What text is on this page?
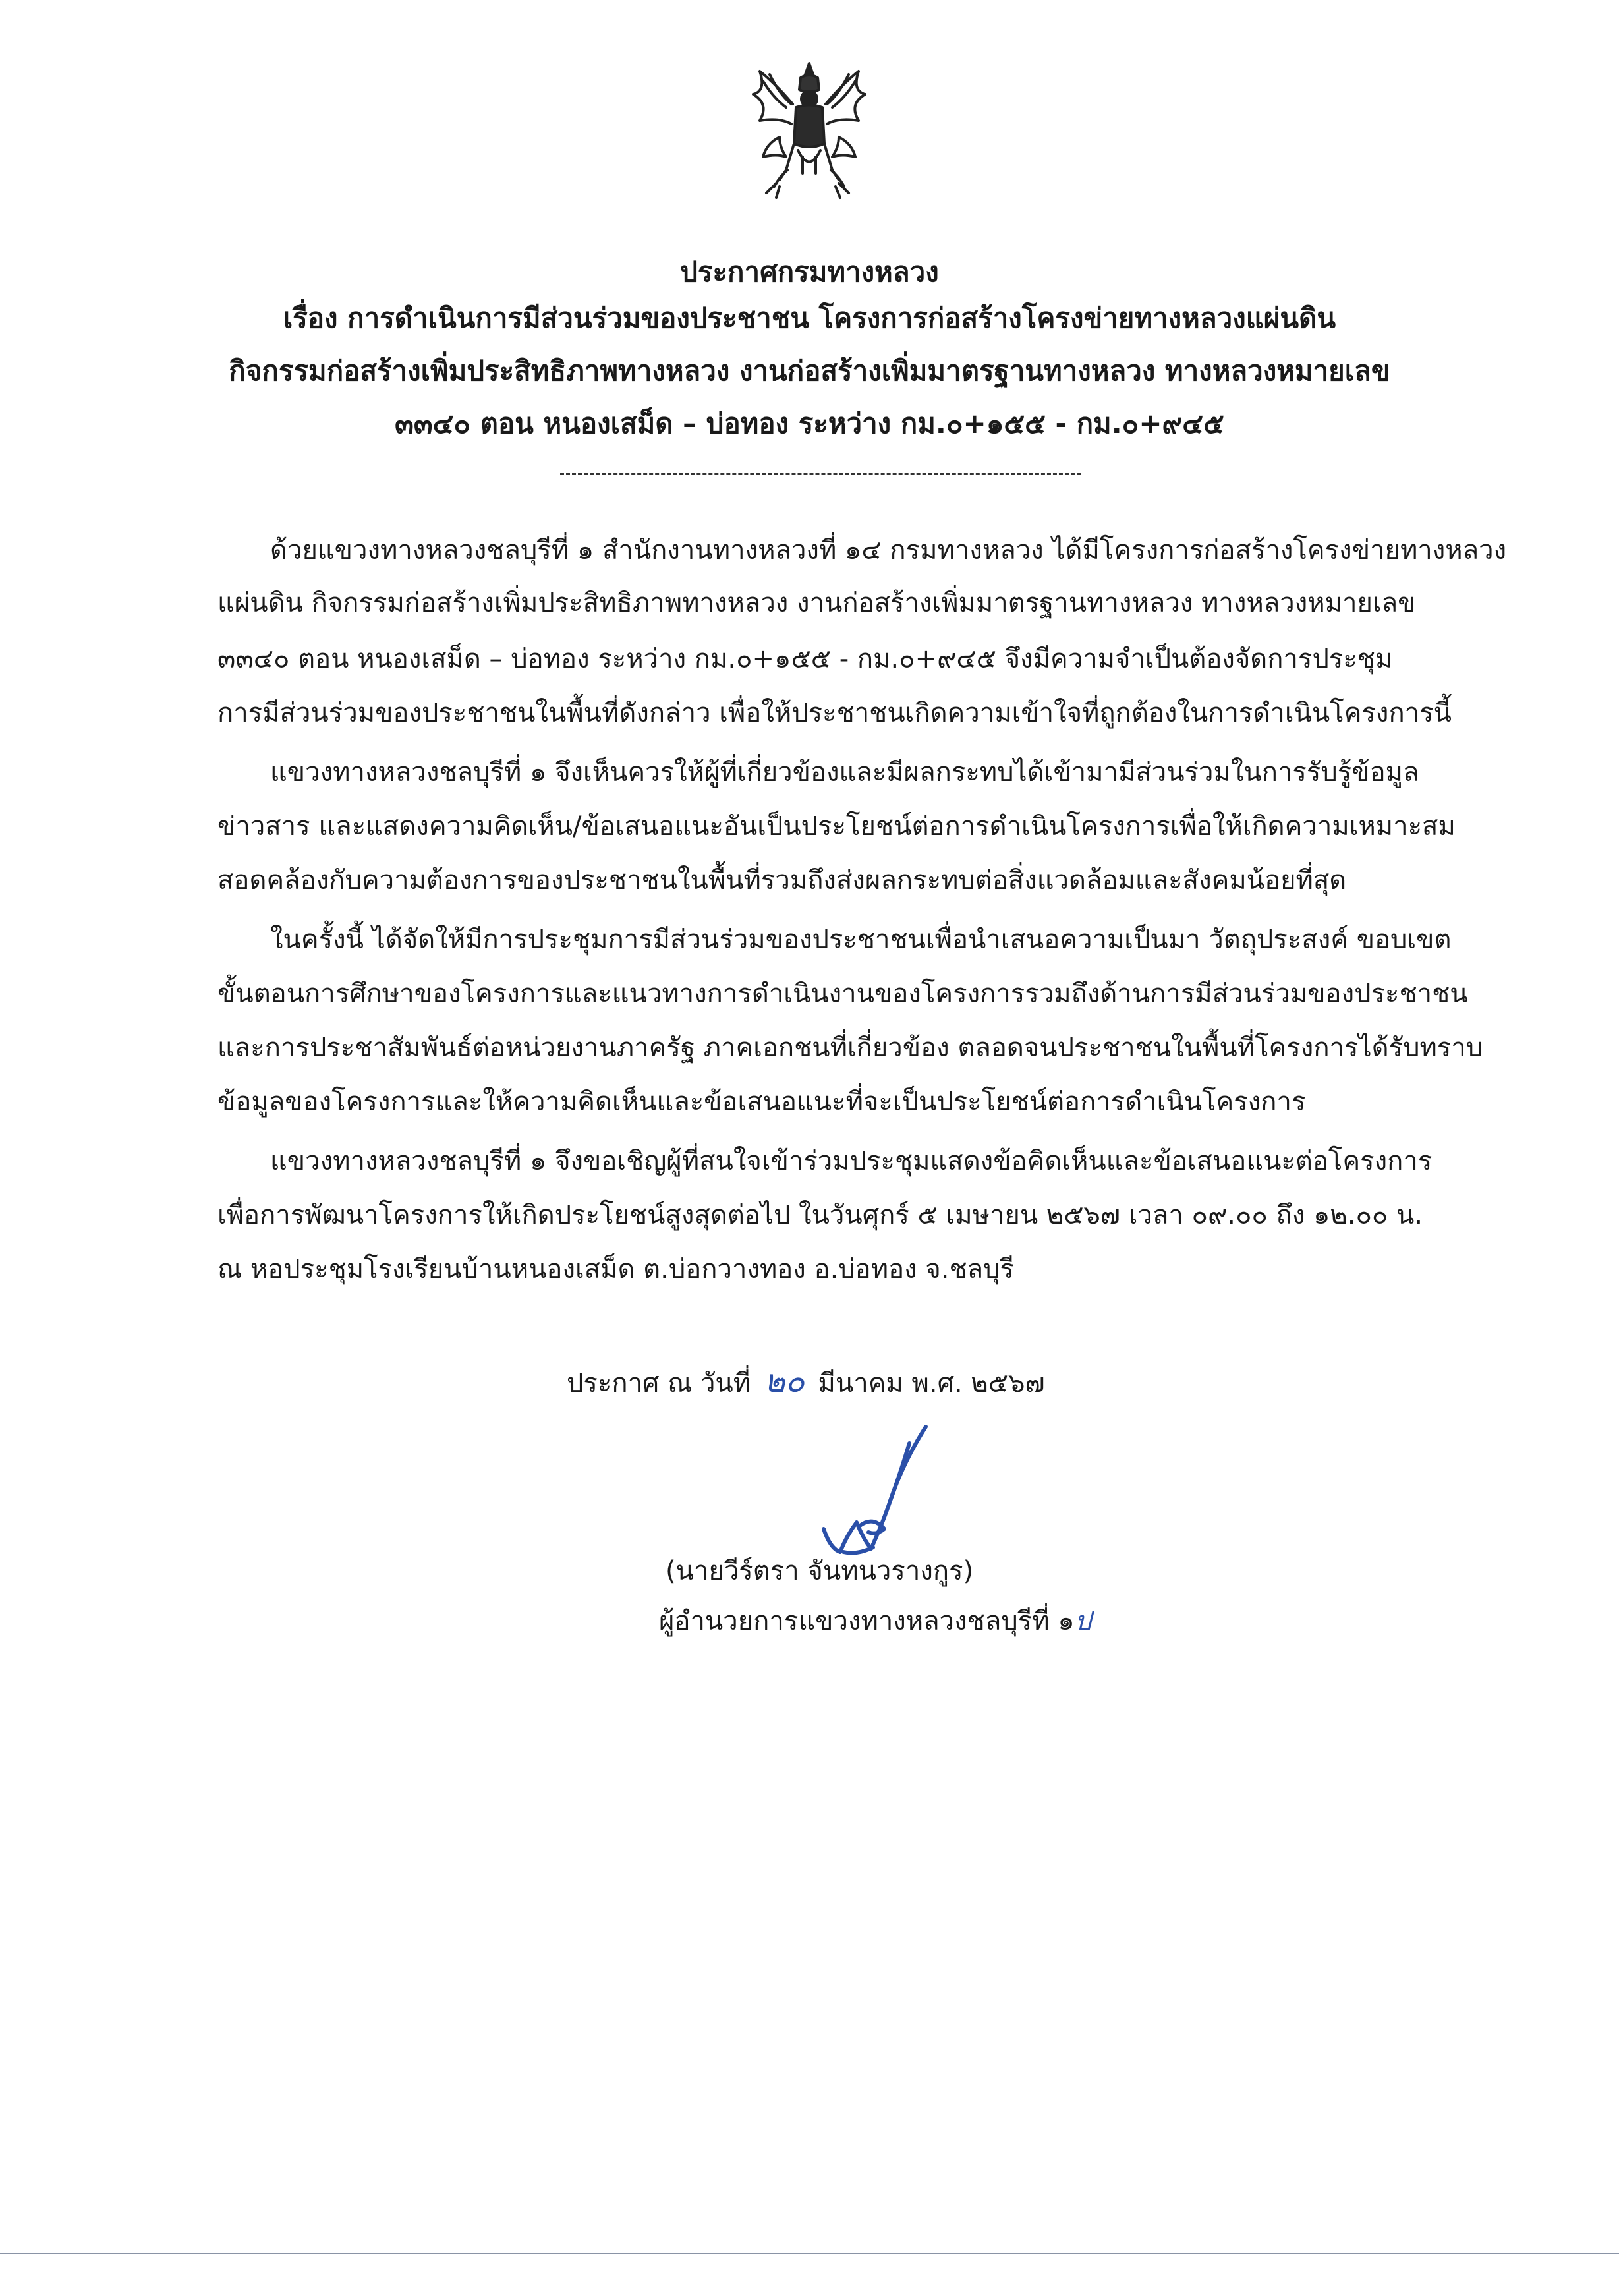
ประกาศกรมทางหลวง
เรื่อง การดำเนินการมีส่วนร่วมของประชาชน โครงการก่อสร้างโครงข่ายทางหลวงแผ่นดิน
กิจกรรมก่อสร้างเพิ่มประสิทธิภาพทางหลวง งานก่อสร้างเพิ่มมาตรฐานทางหลวง ทางหลวงหมายเลข
๓๓๔๐ ตอน หนองเสม็ด – บ่อทอง ระหว่าง กม.๐+๑๕๕ - กม.๐+๙๔๕
ด้วยแขวงทางหลวงชลบุรีที่ ๑ สำนักงานทางหลวงที่ ๑๔ กรมทางหลวง ได้มีโครงการก่อสร้างโครงข่ายทางหลวง
แผ่นดิน กิจกรรมก่อสร้างเพิ่มประสิทธิภาพทางหลวง งานก่อสร้างเพิ่มมาตรฐานทางหลวง ทางหลวงหมายเลข
๓๓๔๐ ตอน หนองเสม็ด – บ่อทอง ระหว่าง กม.๐+๑๕๕ - กม.๐+๙๔๕ จึงมีความจำเป็นต้องจัดการประชุม
การมีส่วนร่วมของประชาชนในพื้นที่ดังกล่าว เพื่อให้ประชาชนเกิดความเข้าใจที่ถูกต้องในการดำเนินโครงการนี้
แขวงทางหลวงชลบุรีที่ ๑ จึงเห็นควรให้ผู้ที่เกี่ยวข้องและมีผลกระทบได้เข้ามามีส่วนร่วมในการรับรู้ข้อมูล
ข่าวสาร และแสดงความคิดเห็น/ข้อเสนอแนะอันเป็นประโยชน์ต่อการดำเนินโครงการเพื่อให้เกิดความเหมาะสม
สอดคล้องกับความต้องการของประชาชนในพื้นที่รวมถึงส่งผลกระทบต่อสิ่งแวดล้อมและสังคมน้อยที่สุด
ในครั้งนี้ ได้จัดให้มีการประชุมการมีส่วนร่วมของประชาชนเพื่อนำเสนอความเป็นมา วัตถุประสงค์ ขอบเขต
ขั้นตอนการศึกษาของโครงการและแนวทางการดำเนินงานของโครงการรวมถึงด้านการมีส่วนร่วมของประชาชน
และการประชาสัมพันธ์ต่อหน่วยงานภาครัฐ ภาคเอกชนที่เกี่ยวข้อง ตลอดจนประชาชนในพื้นที่โครงการได้รับทราบ
ข้อมูลของโครงการและให้ความคิดเห็นและข้อเสนอแนะที่จะเป็นประโยชน์ต่อการดำเนินโครงการ
แขวงทางหลวงชลบุรีที่ ๑ จึงขอเชิญผู้ที่สนใจเข้าร่วมประชุมแสดงข้อคิดเห็นและข้อเสนอแนะต่อโครงการ
เพื่อการพัฒนาโครงการให้เกิดประโยชน์สูงสุดต่อไป ในวันศุกร์ ๕ เมษายน ๒๕๖๗ เวลา ๐๙.๐๐ ถึง ๑๒.๐๐ น.
ณ หอประชุมโรงเรียนบ้านหนองเสม็ด ต.บ่อกวางทอง อ.บ่อทอง จ.ชลบุรี
ประกาศ ณ วันที่ ๒๐ มีนาคม พ.ศ. ๒๕๖๗
(นายวีร์ตรา จันทนวรางกูร)
ผู้อำนวยการแขวงทางหลวงชลบุรีที่ ๑ป
